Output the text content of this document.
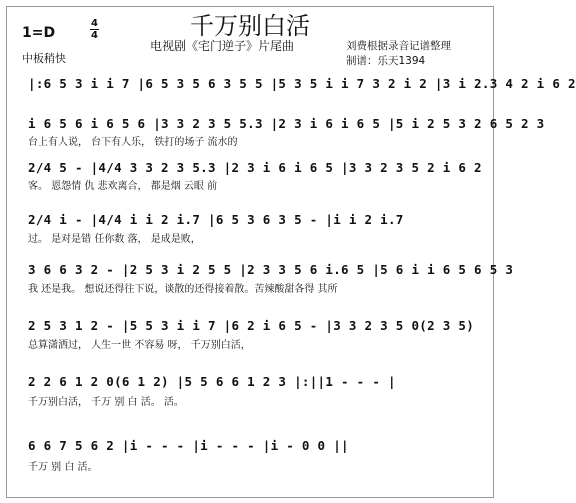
千万别白活
电视剧《宅门逆子》片尾曲	刘费根据录音记谱整理
制谱：乐天1394
1=D
4
4
中板稍快
|:6 5 3 i i 7 |6 5 3 5 6 3 5 5 |5 3 5 i i 7 3 2 i 2 |3 i 2.3 4 2 i 6 2
i 6 5 6 i 6 5 6 |3 3 2 3 5 5.3 |2 3 i 6 i 6 5 |5 i 2 5 3 2 6 5 2 3
台上有人说， 台下有人乐， 铁打的场子 流水的
2/4 5 - |4/4 3 3 2 3 5.3 |2 3 i 6 i 6 5 |3 3 2 3 5 2 i 6 2
客。 恩怨情 仇 悲欢离合， 都是烟 云眼 前
2/4 i - |4/4 i i 2 i.7 |6 5 3 6 3 5 - |i i 2 i.7
过。 是对是错 任你数 落， 是成是败，
3 6 6 3 2 - |2 5 3 i 2 5 5 |2 3 3 5 6 i.6 5 |5 6 i i 6 5 6 5 3
我 还是我。 想说还得往下说，谈散的还得接着散。苦辣酸甜各得 其所
2 5 3 1 2 - |5 5 3 i i 7 |6 2 i 6 5 - |3 3 2 3 5 0(2 3 5)
总算潇洒过， 人生一世 不容易 呀， 千万别白活，
2 2 6 1 2 0(6 1 2) |5 5 6 6 1 2 3 |:||1 - - - |
千万别白活， 千万 别 白 活。 活。
6 6 7 5 6 2 |i - - - |i - - - |i - 0 0 ||
千万 别 白 活。
